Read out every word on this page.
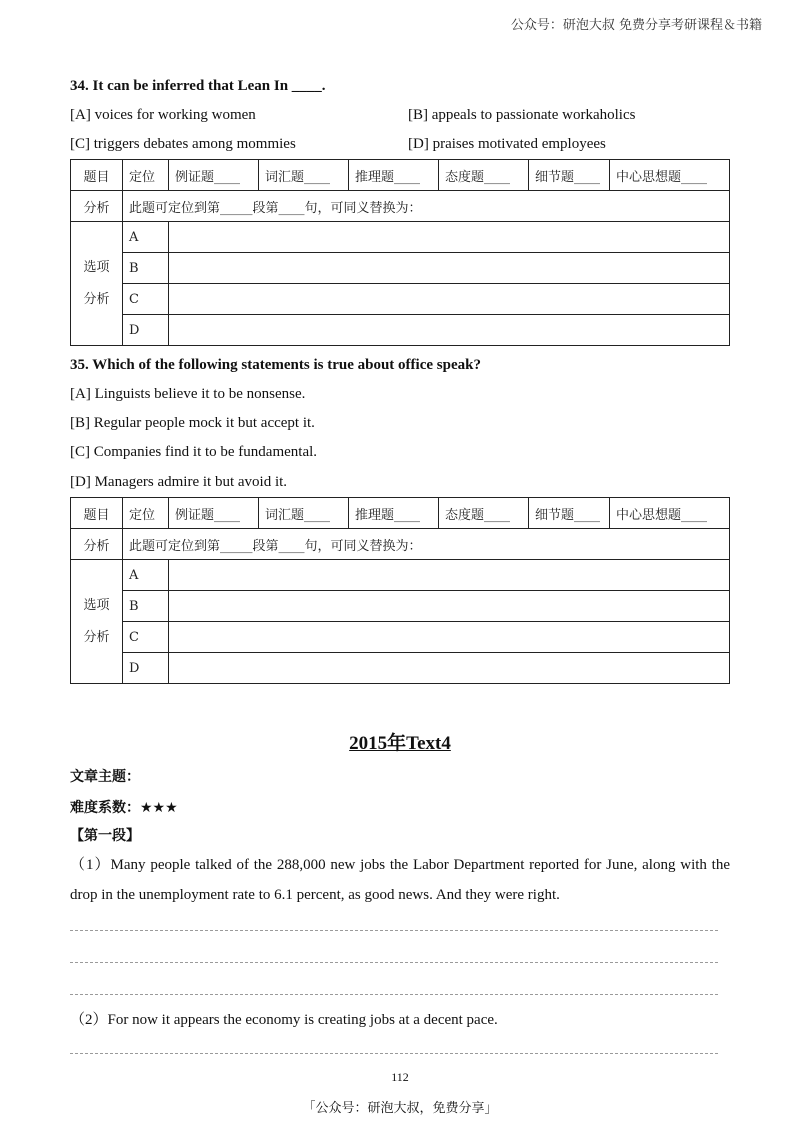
公众号：研泡大叔 免费分享考研课程＆书籍
34. It can be inferred that Lean In ____.
[A] voices for working women	[B] appeals to passionate workaholics
[C] triggers debates among mommies	[D] praises motivated employees
题目	定位	例证题____	词汇题____	推理题____	态度题____	细节题____	中心思想题____
分析	此题可定位到第_____段第____句，可同义替换为：						
选项
分析	A						
	B						
	C						
	D						
35. Which of the following statements is true about office speak?
[A] Linguists believe it to be nonsense.
[B] Regular people mock it but accept it.
[C] Companies find it to be fundamental.
[D] Managers admire it but avoid it.
题目	定位	例证题____	词汇题____	推理题____	态度题____	细节题____	中心思想题____
分析	此题可定位到第_____段第____句，可同义替换为：						
选项
分析	A						
	B						
	C						
	D						
2015年Text4
文章主题：
难度系数：★★★
【第一段】
（1）Many people talked of the 288,000 new jobs the Labor Department reported for June, along with the drop in the unemployment rate to 6.1 percent, as good news. And they were right.
（2）For now it appears the economy is creating jobs at a decent pace.
112
「公众号：研泡大叔，免费分享」
